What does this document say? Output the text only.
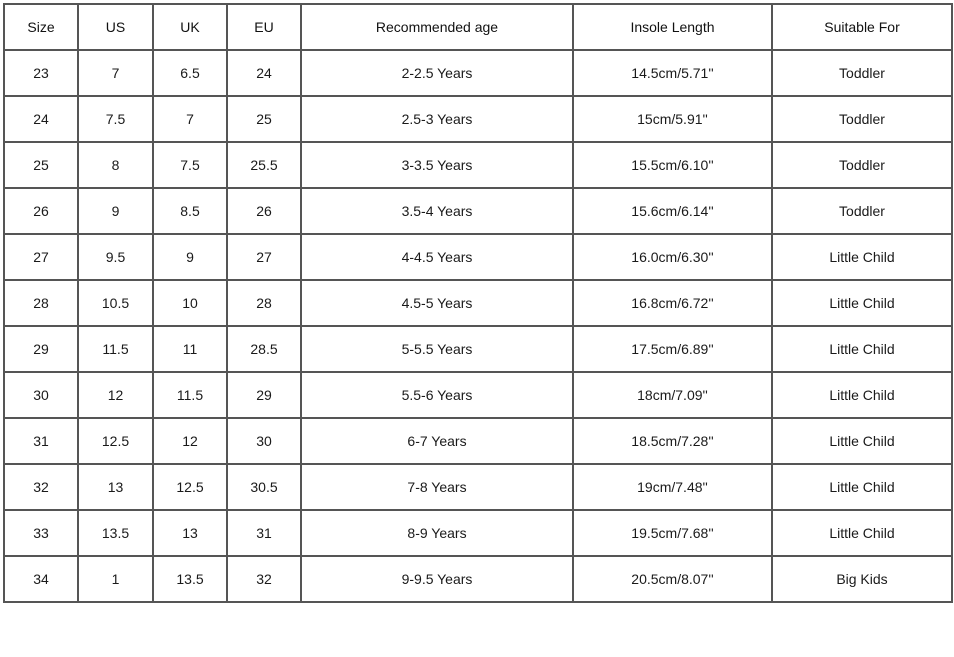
Size	US	UK	EU	Recommended age	Insole Length	Suitable For
23	7	6.5	24	2-2.5 Years	14.5cm/5.71''	Toddler
24	7.5	7	25	2.5-3 Years	15cm/5.91''	Toddler
25	8	7.5	25.5	3-3.5 Years	15.5cm/6.10''	Toddler
26	9	8.5	26	3.5-4 Years	15.6cm/6.14''	Toddler
27	9.5	9	27	4-4.5 Years	16.0cm/6.30''	Little Child
28	10.5	10	28	4.5-5 Years	16.8cm/6.72''	Little Child
29	11.5	11	28.5	5-5.5 Years	17.5cm/6.89''	Little Child
30	12	11.5	29	5.5-6 Years	18cm/7.09''	Little Child
31	12.5	12	30	6-7 Years	18.5cm/7.28''	Little Child
32	13	12.5	30.5	7-8 Years	19cm/7.48''	Little Child
33	13.5	13	31	8-9 Years	19.5cm/7.68''	Little Child
34	1	13.5	32	9-9.5 Years	20.5cm/8.07''	Big Kids
